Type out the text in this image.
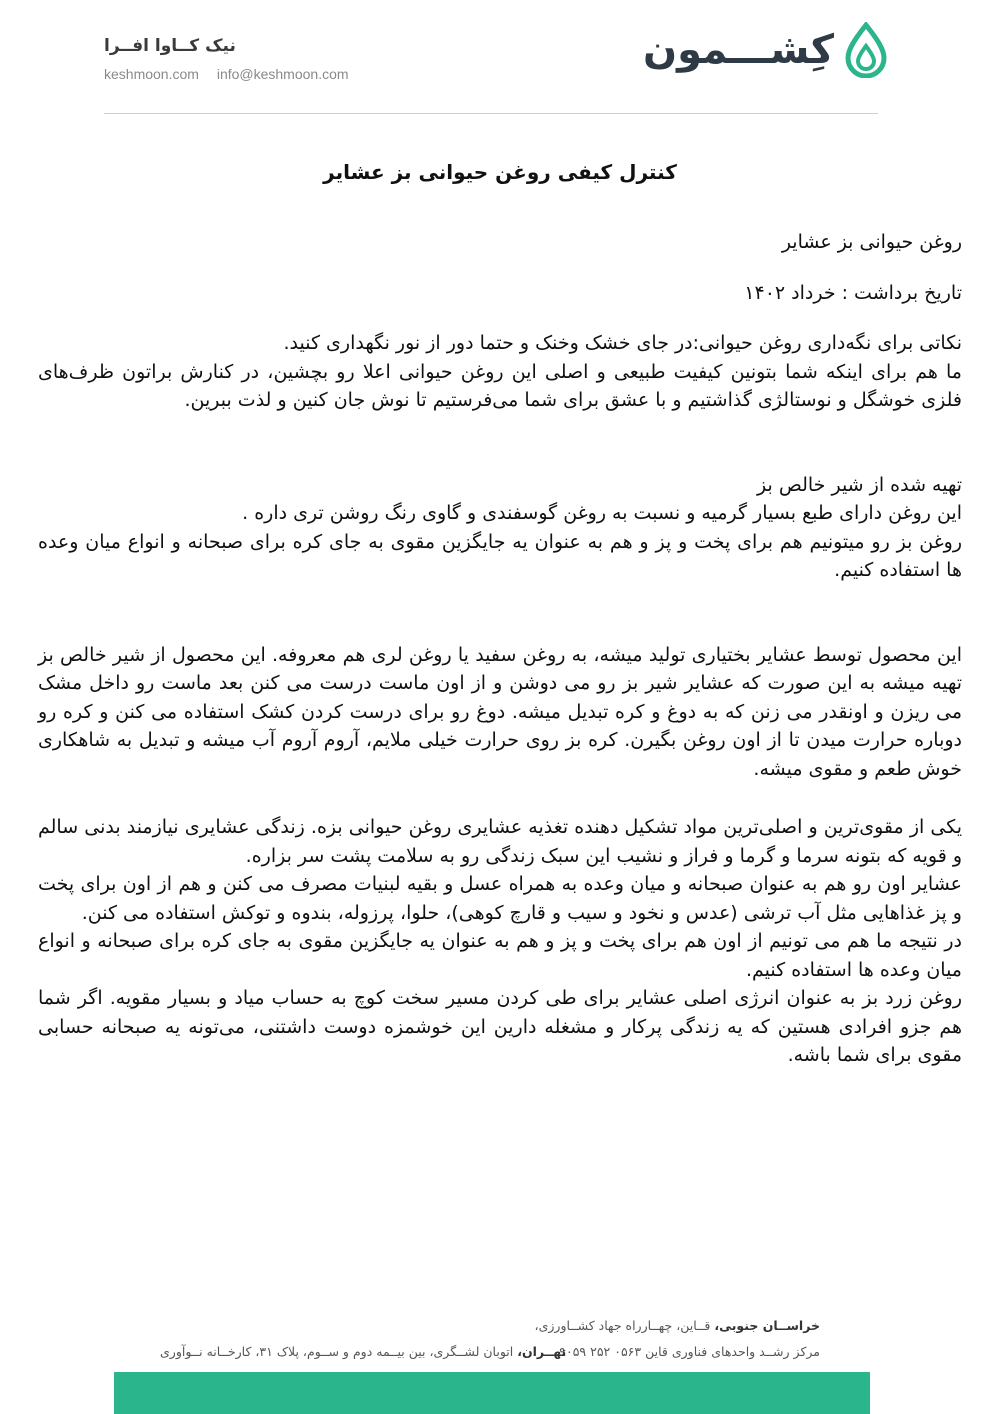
کِشـــمون
نیک کــاوا افــرا
keshmoon.com info@keshmoon.com
کنترل کیفی روغن حیوانی بز عشایر

روغن حیوانی بز عشایر

تاریخ برداشت : خرداد ۱۴۰۲

نکاتی برای نگه‌داری روغن حیوانی:در جای خشک وخنک و حتما دور از نور نگهداری کنید.

ما هم برای اینکه شما بتونین کیفیت طبیعی و اصلی این روغن حیوانی اعلا رو بچشین، در کنارش براتون ظرف‌های فلزی خوشگل و نوستالژی گذاشتیم و با عشق برای شما می‌فرستیم تا نوش جان کنین و لذت ببرین.

تهیه شده از شیر خالص بز

این روغن دارای طبع بسیار گرمیه و نسبت به روغن گوسفندی و گاوی رنگ روشن تری داره .

روغن بز رو میتونیم هم برای پخت و پز و هم به عنوان یه جایگزین مقوی به جای کره برای صبحانه و انواع میان وعده ها استفاده کنیم.

این محصول توسط عشایر بختیاری تولید میشه، به روغن سفید یا روغن لری هم معروفه. این محصول از شیر خالص بز تهیه میشه به این صورت که عشایر شیر بز رو می دوشن و از اون ماست درست می کنن بعد ماست رو داخل مشک می ریزن و اونقدر می زنن که به دوغ و کره تبدیل میشه. دوغ رو برای درست کردن کشک استفاده می کنن و کره رو دوباره حرارت میدن تا از اون روغن بگیرن. کره بز روی حرارت خیلی ملایم، آروم آروم آب میشه و تبدیل به شاهکاری خوش طعم و مقوی میشه.

یکی از مقوی‌ترین و اصلی‌ترین مواد تشکیل دهنده تغذیه عشایری روغن حیوانی بزه. زندگی عشایری نیازمند بدنی سالم و قویه که بتونه سرما و گرما و فراز و نشیب این سبک زندگی رو به سلامت پشت سر بزاره.

عشایر اون رو هم به عنوان صبحانه و میان وعده به همراه عسل و بقیه لبنیات مصرف می کنن و هم از اون برای پخت و پز غذاهایی مثل آب ترشی (عدس و نخود و سیب و قارچ کوهی)، حلوا، پرزوله، بندوه و توکش استفاده می کنن.

در نتیجه ما هم می تونیم از اون هم برای پخت و پز و هم به عنوان یه جایگزین مقوی به جای کره برای صبحانه و انواع میان وعده ها استفاده کنیم.

روغن زرد بز به عنوان انرژی اصلی عشایر برای طی کردن مسیر سخت کوچ به حساب میاد و بسیار مقویه. اگر شما هم جزو افرادی هستین که یه زندگی پرکار و مشغله دارین این خوشمزه دوست داشتنی، می‌تونه یه صبحانه حسابی مقوی برای شما باشه.

خراســان جنوبی، قــاین، چهــارراه جهاد کشــاورزی،
مرکز رشــد واحدهای فناوری قاین ۰۵۶۳ ۲۵۲ ۹۰۵۹
تهــران، اتوبان لشــگری، بین بیــمه دوم و ســوم، پلاک ۳۱، کارخــانه نــوآوری
